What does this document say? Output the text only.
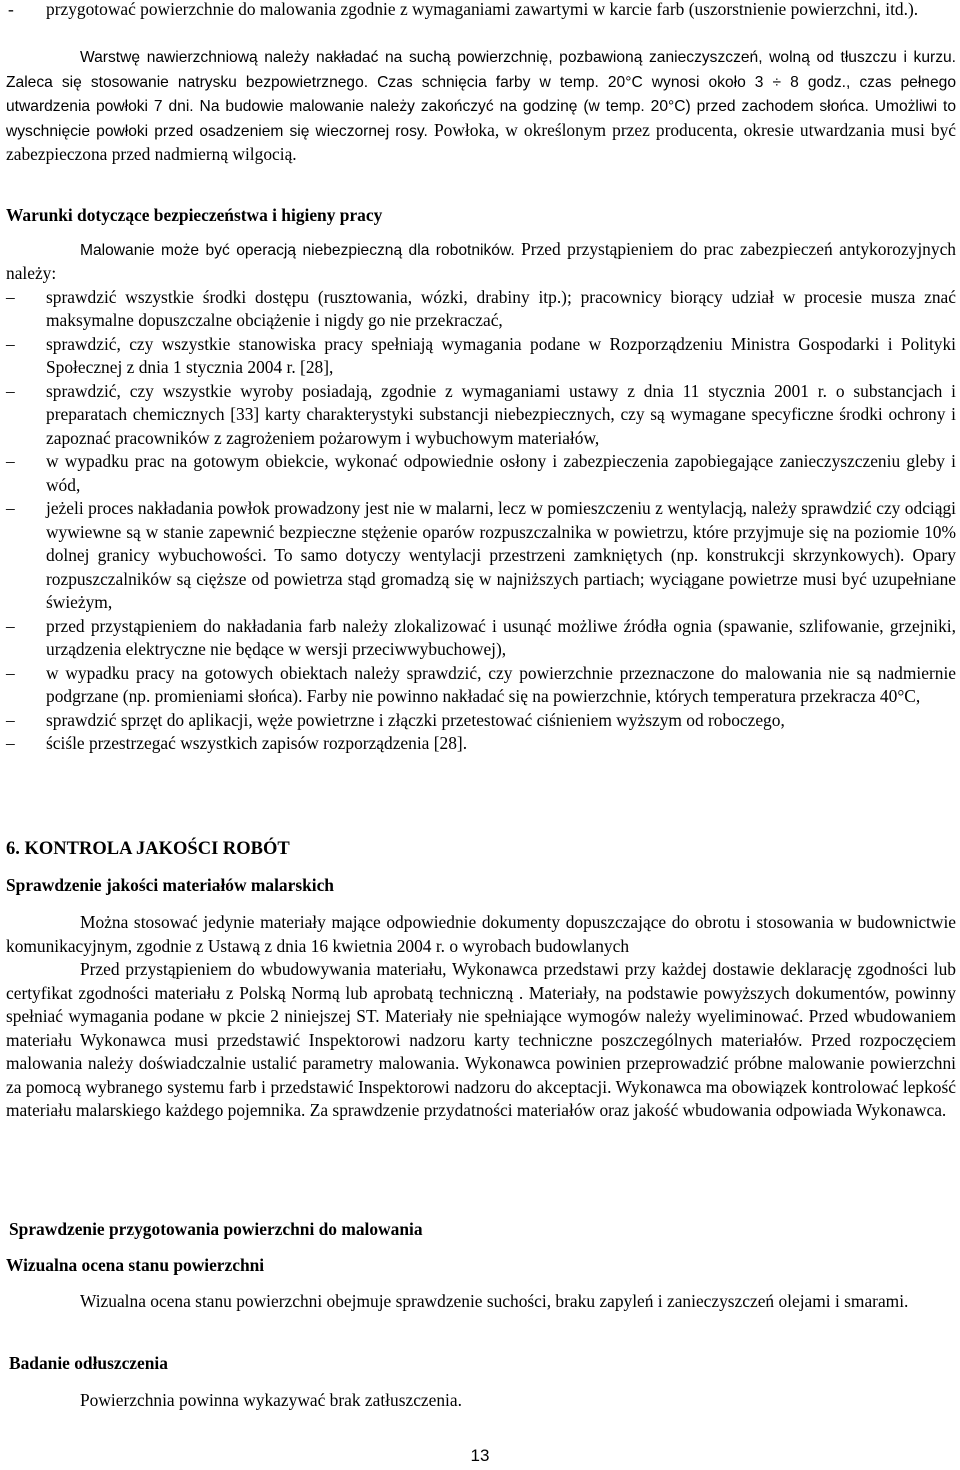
- przygotować powierzchnie do malowania zgodnie z wymaganiami zawartymi w karcie farb (uszorstnienie powierzchni, itd.).

Warstwę nawierzchniową należy nakładać na suchą powierzchnię, pozbawioną zanieczyszczeń, wolną od tłuszczu i kurzu. Zaleca się stosowanie natrysku bezpowietrznego. Czas schnięcia farby w temp. 20°C wynosi około 3 ÷ 8 godz., czas pełnego utwardzenia powłoki 7 dni. Na budowie malowanie należy zakończyć na godzinę (w temp. 20°C) przed zachodem słońca. Umożliwi to wyschnięcie powłoki przed osadzeniem się wieczornej rosy. Powłoka, w określonym przez producenta, okresie utwardzania musi być zabezpieczona przed nadmierną wilgocią.

Warunki dotyczące bezpieczeństwa i higieny pracy

Malowanie może być operacją niebezpieczną dla robotników. Przed przystąpieniem do prac zabezpieczeń antykorozyjnych należy:

– sprawdzić wszystkie środki dostępu (rusztowania, wózki, drabiny itp.); pracownicy biorący udział w procesie musza znać maksymalne dopuszczalne obciążenie i nigdy go nie przekraczać,
– sprawdzić, czy wszystkie stanowiska pracy spełniają wymagania podane w Rozporządzeniu Ministra Gospodarki i Polityki Społecznej z dnia 1 stycznia 2004 r. [28],
– sprawdzić, czy wszystkie wyroby posiadają, zgodnie z wymaganiami ustawy z dnia 11 stycznia 2001 r. o substancjach i preparatach chemicznych [33] karty charakterystyki substancji niebezpiecznych, czy są wymagane specyficzne środki ochrony i zapoznać pracowników z zagrożeniem pożarowym i wybuchowym materiałów,
– w wypadku prac na gotowym obiekcie, wykonać odpowiednie osłony i zabezpieczenia zapobiegające zanieczyszczeniu gleby i wód,
– jeżeli proces nakładania powłok prowadzony jest nie w malarni, lecz w pomieszczeniu z wentylacją, należy sprawdzić czy odciągi wywiewne są w stanie zapewnić bezpieczne stężenie oparów rozpuszczalnika w powietrzu, które przyjmuje się na poziomie 10% dolnej granicy wybuchowości. To samo dotyczy wentylacji przestrzeni zamkniętych (np. konstrukcji skrzynkowych). Opary rozpuszczalników są cięższe od powietrza stąd gromadzą się w najniższych partiach; wyciągane powietrze musi być uzupełniane świeżym,
– przed przystąpieniem do nakładania farb należy zlokalizować i usunąć możliwe źródła ognia (spawanie, szlifowanie, grzejniki, urządzenia elektryczne nie będące w wersji przeciwwybuchowej),
– w wypadku pracy na gotowych obiektach należy sprawdzić, czy powierzchnie przeznaczone do malowania nie są nadmiernie podgrzane (np. promieniami słońca). Farby nie powinno nakładać się na powierzchnie, których temperatura przekracza 40°C,
– sprawdzić sprzęt do aplikacji, węże powietrzne i złączki przetestować ciśnieniem wyższym od roboczego,
– ściśle przestrzegać wszystkich zapisów rozporządzenia [28].

6. KONTROLA JAKOŚCI ROBÓT

Sprawdzenie jakości materiałów malarskich

Można stosować jedynie materiały mające odpowiednie dokumenty dopuszczające do obrotu i stosowania w budownictwie komunikacyjnym, zgodnie z Ustawą z dnia 16 kwietnia 2004 r. o wyrobach budowlanych

Przed przystąpieniem do wbudowywania materiału, Wykonawca przedstawi przy każdej dostawie deklarację zgodności lub certyfikat zgodności materiału z Polską Normą lub aprobatą techniczną . Materiały, na podstawie powyższych dokumentów, powinny spełniać wymagania podane w pkcie 2 niniejszej ST. Materiały nie spełniające wymogów należy wyeliminować. Przed wbudowaniem materiału Wykonawca musi przedstawić Inspektorowi nadzoru karty techniczne poszczególnych materiałów. Przed rozpoczęciem malowania należy doświadczalnie ustalić parametry malowania. Wykonawca powinien przeprowadzić próbne malowanie powierzchni za pomocą wybranego systemu farb i przedstawić Inspektorowi nadzoru do akceptacji. Wykonawca ma obowiązek kontrolować lepkość materiału malarskiego każdego pojemnika. Za sprawdzenie przydatności materiałów oraz jakość wbudowania odpowiada Wykonawca.

Sprawdzenie przygotowania powierzchni do malowania

Wizualna ocena stanu powierzchni

Wizualna ocena stanu powierzchni obejmuje sprawdzenie suchości, braku zapyleń i zanieczyszczeń olejami i smarami.

Badanie odłuszczenia

Powierzchnia powinna wykazywać brak zatłuszczenia.

13
